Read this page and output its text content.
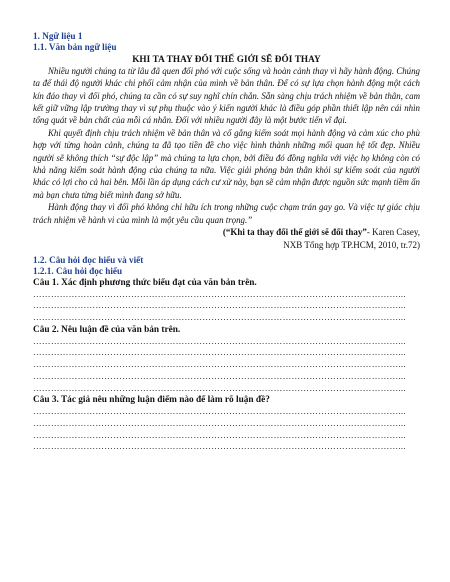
1. Ngữ liệu 1
1.1. Văn bản ngữ liệu
KHI TA THAY ĐỔI THẾ GIỚI SẼ ĐỔI THAY

Nhiều người chúng ta từ lâu đã quen đối phó với cuộc sống và hoàn cảnh thay vì hãy hành động. Chúng ta để thái độ người khác chi phối cảm nhận của mình về bản thân. Để có sự lựa chọn hành động một cách kín đáo thay vì đối phó, chúng ta cần có sự suy nghĩ chín chắn. Sẵn sàng chịu trách nhiệm về bản thân, cam kết giữ vững lập trường thay vì sự phụ thuộc vào ý kiến người khác là điều góp phần thiết lập nên cái nhìn tổng quát về bản chất của mỗi cá nhân. Đối với nhiều người đây là một bước tiến vĩ đại.

Khi quyết định chịu trách nhiệm về bản thân và cố gắng kiểm soát mọi hành động và cảm xúc cho phù hợp với từng hoàn cảnh, chúng ta đã tạo tiền đề cho việc hình thành những mối quan hệ tốt đẹp. Nhiều người sẽ không thích “sự độc lập” mà chúng ta lựa chọn, bởi điều đó đồng nghĩa với việc họ không còn có khả năng kiểm soát hành động của chúng ta nữa. Việc giải phóng bản thân khỏi sự kiểm soát của người khác có lợi cho cả hai bên. Mỗi lần áp dụng cách cư xử này, bạn sẽ cảm nhận được nguồn sức mạnh tiềm ẩn mà bạn chưa từng biết mình đang sở hữu.

Hành động thay vì đối phó không chỉ hữu ích trong những cuộc chạm trán gay go. Và việc tự giác chịu trách nhiệm về hành vi của mình là một yêu cầu quan trọng.”

(“Khi ta thay đổi thế giới sẽ đổi thay”- Karen Casey,

NXB Tổng hợp TP.HCM, 2010, tr.72)

1.2. Câu hỏi đọc hiểu và viết
1.2.1. Câu hỏi đọc hiểu

Câu 1. Xác định phương thức biểu đạt của văn bản trên.

……………………………………………………………………………………………………………...

……………………………………………………………………………………………………………...

……………………………………………………………………………………………………………...

Câu 2. Nêu luận đề của văn bản trên.

……………………………………………………………………………………………………………...

……………………………………………………………………………………………………………...

……………………………………………………………………………………………………………...

……………………………………………………………………………………………………………...

……………………………………………………………………………………………………………...

Câu 3. Tác giả nêu những luận điểm nào để làm rõ luận đề?

……………………………………………………………………………………………………………...

……………………………………………………………………………………………………………...

……………………………………………………………………………………………………………...

……………………………………………………………………………………………………………...
